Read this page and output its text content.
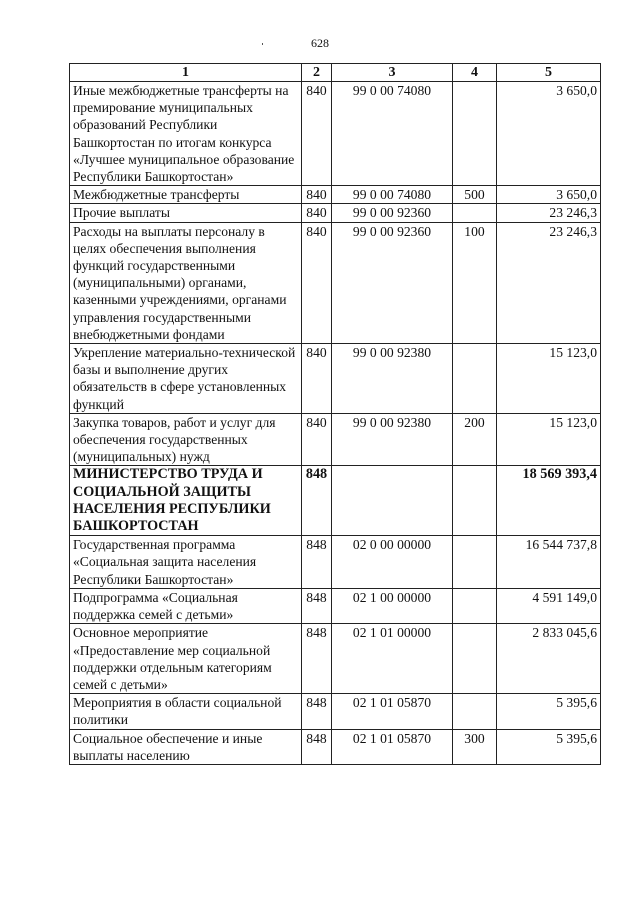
628
1	2	3	4	5
Иные межбюджетные трансферты на премирование муниципальных образований Республики Башкортостан по итогам конкурса «Лучшее муниципальное образование Республики Башкортостан»	840	99 0 00 74080		3 650,0
Межбюджетные трансферты	840	99 0 00 74080	500	3 650,0
Прочие выплаты	840	99 0 00 92360		23 246,3
Расходы на выплаты персоналу в целях обеспечения выполнения функций государственными (муниципальными) органами, казенными учреждениями, органами управления государственными внебюджетными фондами	840	99 0 00 92360	100	23 246,3
Укрепление материально-технической базы и выполнение других обязательств в сфере установленных функций	840	99 0 00 92380		15 123,0
Закупка товаров, работ и услуг для обеспечения государственных (муниципальных) нужд	840	99 0 00 92380	200	15 123,0
МИНИСТЕРСТВО ТРУДА И СОЦИАЛЬНОЙ ЗАЩИТЫ НАСЕЛЕНИЯ РЕСПУБЛИКИ БАШКОРТОСТАН	848			18 569 393,4
Государственная программа «Социальная защита населения Республики Башкортостан»	848	02 0 00 00000		16 544 737,8
Подпрограмма «Социальная поддержка семей с детьми»	848	02 1 00 00000		4 591 149,0
Основное мероприятие «Предоставление мер социальной поддержки отдельным категориям семей с детьми»	848	02 1 01 00000		2 833 045,6
Мероприятия в области социальной политики	848	02 1 01 05870		5 395,6
Социальное обеспечение и иные выплаты населению	848	02 1 01 05870	300	5 395,6
